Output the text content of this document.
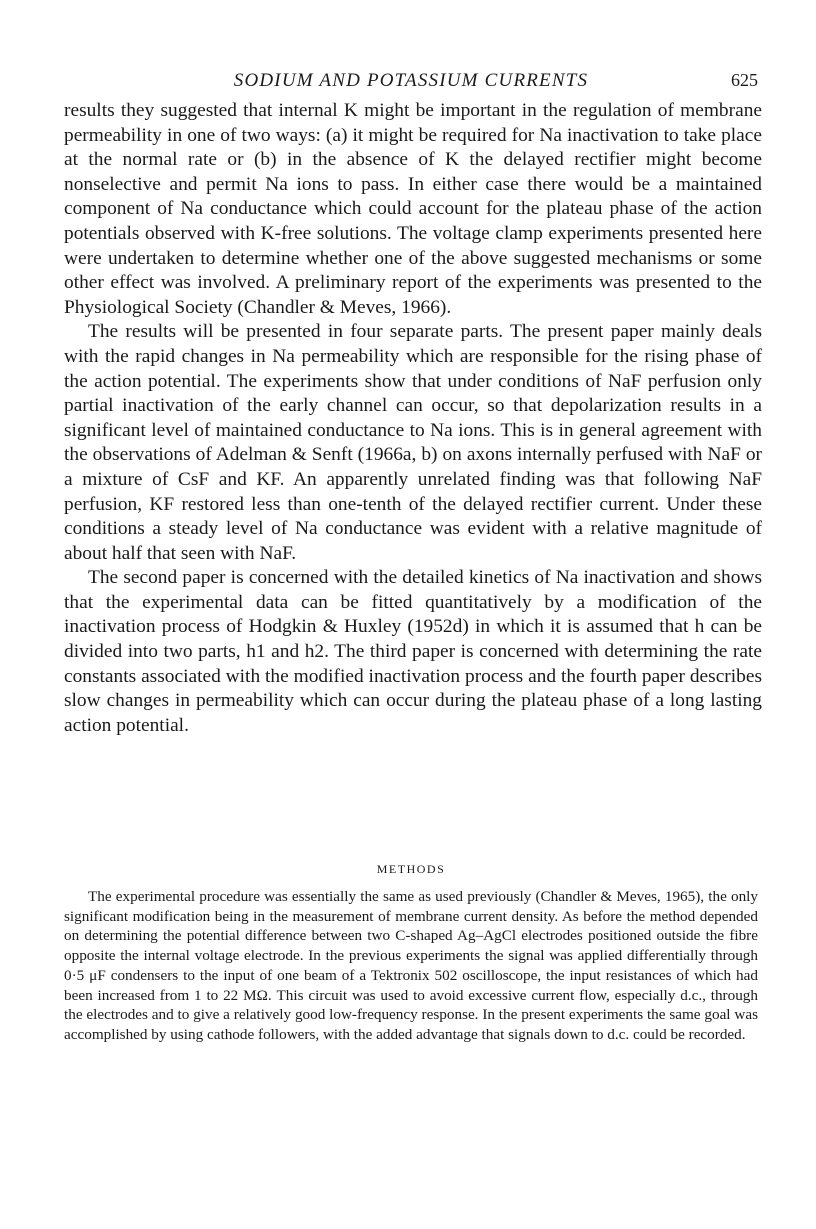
SODIUM AND POTASSIUM CURRENTS	625

results they suggested that internal K might be important in the regulation of membrane permeability in one of two ways: (a) it might be required for Na inactivation to take place at the normal rate or (b) in the absence of K the delayed rectifier might become nonselective and permit Na ions to pass. In either case there would be a maintained component of Na conductance which could account for the plateau phase of the action potentials observed with K-free solutions. The voltage clamp experiments presented here were undertaken to determine whether one of the above suggested mechanisms or some other effect was involved. A preliminary report of the experiments was presented to the Physiological Society (Chandler & Meves, 1966).

The results will be presented in four separate parts. The present paper mainly deals with the rapid changes in Na permeability which are responsible for the rising phase of the action potential. The experiments show that under conditions of NaF perfusion only partial inactivation of the early channel can occur, so that depolarization results in a significant level of maintained conductance to Na ions. This is in general agreement with the observations of Adelman & Senft (1966a, b) on axons internally perfused with NaF or a mixture of CsF and KF. An apparently unrelated finding was that following NaF perfusion, KF restored less than one-tenth of the delayed rectifier current. Under these conditions a steady level of Na conductance was evident with a relative magnitude of about half that seen with NaF.

The second paper is concerned with the detailed kinetics of Na inactivation and shows that the experimental data can be fitted quantitatively by a modification of the inactivation process of Hodgkin & Huxley (1952d) in which it is assumed that h can be divided into two parts, h1 and h2. The third paper is concerned with determining the rate constants associated with the modified inactivation process and the fourth paper describes slow changes in permeability which can occur during the plateau phase of a long lasting action potential.

METHODS

The experimental procedure was essentially the same as used previously (Chandler & Meves, 1965), the only significant modification being in the measurement of membrane current density. As before the method depended on determining the potential difference between two C-shaped Ag–AgCl electrodes positioned outside the fibre opposite the internal voltage electrode. In the previous experiments the signal was applied differentially through 0·5 μF condensers to the input of one beam of a Tektronix 502 oscilloscope, the input resistances of which had been increased from 1 to 22 MΩ. This circuit was used to avoid excessive current flow, especially d.c., through the electrodes and to give a relatively good low-frequency response. In the present experiments the same goal was accomplished by using cathode followers, with the added advantage that signals down to d.c. could be recorded.
